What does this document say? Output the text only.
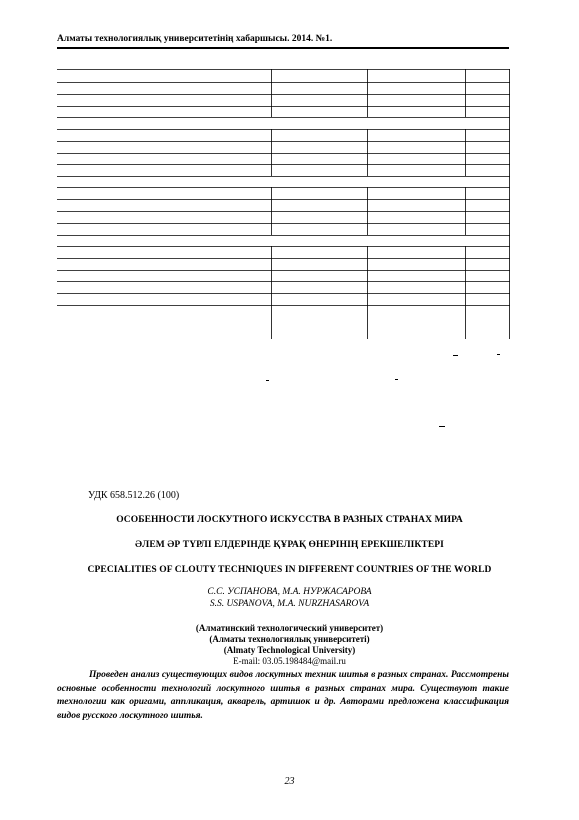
Алматы технологиялық университетінің хабаршысы. 2014. №1.
УДК 658.512.26 (100)
ОСОБЕННОСТИ ЛОСКУТНОГО ИСКУССТВА В РАЗНЫХ СТРАНАХ МИРА
ӘЛЕМ ӘР ТҮРЛІ ЕЛДЕРІНДЕ ҚҰРАҚ ӨНЕРІНІҢ ЕРЕКШЕЛІКТЕРІ
CPECIALITIES OF CLOUTY TECHNIQUES IN DIFFERENT COUNTRIES OF THE WORLD
С.С. УСПАНОВА, М.А. НУРЖАСАРОВА
S.S. USPANOVA, M.A. NURZHASAROVA
(Алматинский технологический университет)
(Алматы технологиялық университеті)
(Almaty Technological University)
E-mail: 03.05.198484@mail.ru
Проведен анализ существующих видов лоскутных техник шитья в разных странах. Рассмотрены основные особенности технологий лоскутного шитья в разных странах мира. Существуют такие технологии как оригами, аппликация, акварель, артишок и др. Авторами предложена классификация видов русского лоскутного шитья.
23
